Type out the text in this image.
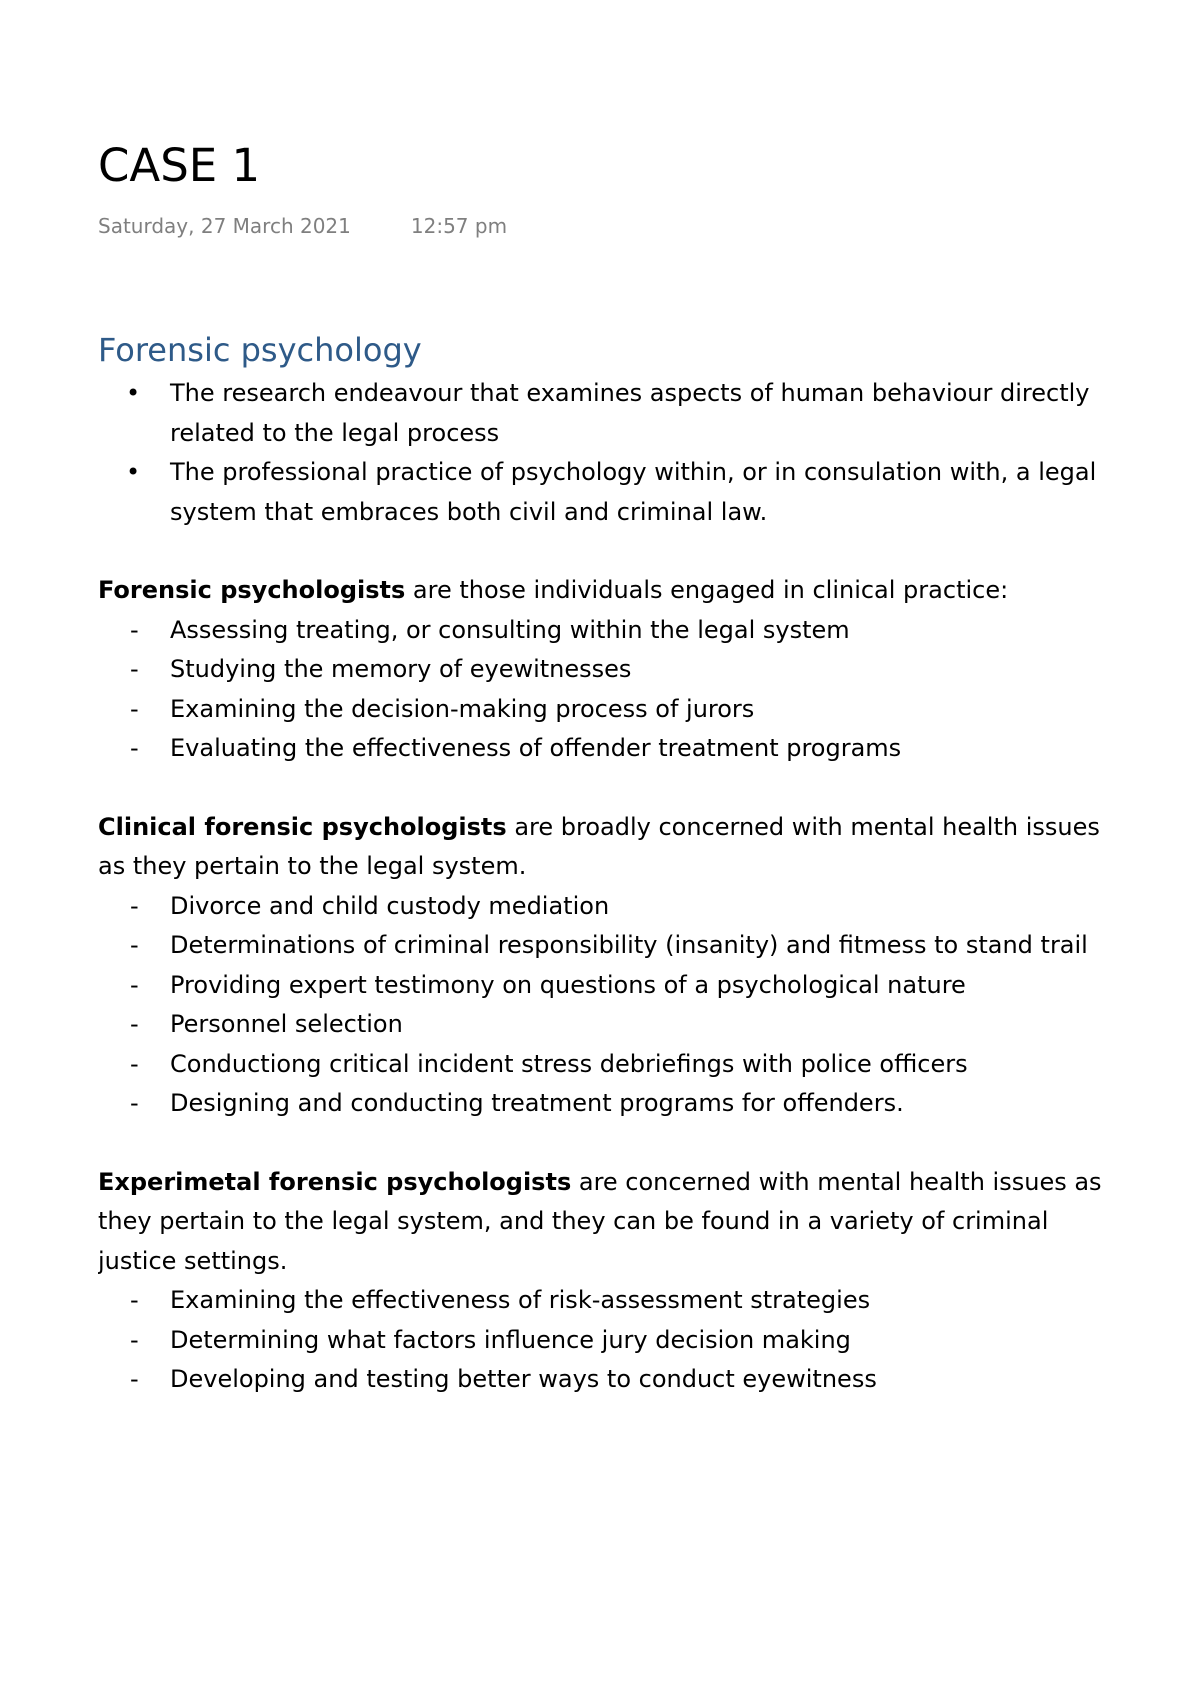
CASE 1
Saturday, 27 March 2021	12:57 pm
Forensic psychology
• The research endeavour that examines aspects of human behaviour directly related to the legal process
• The professional practice of psychology within, or in consulation with, a legal system that embraces both civil and criminal law.

Forensic psychologists are those individuals engaged in clinical practice:

- Assessing treating, or consulting within the legal system
- Studying the memory of eyewitnesses
- Examining the decision-making process of jurors
- Evaluating the effectiveness of offender treatment programs

Clinical forensic psychologists are broadly concerned with mental health issues as they pertain to the legal system.

- Divorce and child custody mediation
- Determinations of criminal responsibility (insanity) and fitmess to stand trail
- Providing expert testimony on questions of a psychological nature
- Personnel selection
- Conductiong critical incident stress debriefings with police officers
- Designing and conducting treatment programs for offenders.

Experimetal forensic psychologists are concerned with mental health issues as they pertain to the legal system, and they can be found in a variety of criminal justice settings.

- Examining the effectiveness of risk-assessment strategies
- Determining what factors influence jury decision making
- Developing and testing better ways to conduct eyewitness
